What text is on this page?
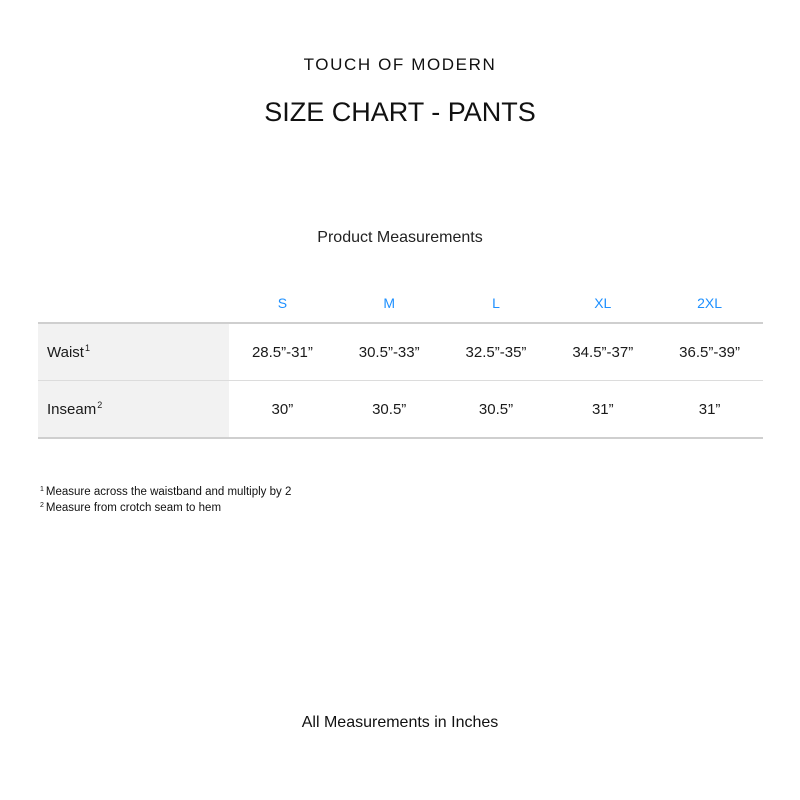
TOUCH OF MODERN
SIZE CHART - PANTS
Product Measurements
	S	M	L	XL	2XL
Waist$^1$	28.5”-31”	30.5”-33”	32.5”-35”	34.5”-37”	36.5”-39”
Inseam$^2$	30”	30.5”	30.5”	31”	31”
$^1$ Measure across the waistband and multiply by 2
$^2$ Measure from crotch seam to hem
All Measurements in Inches
